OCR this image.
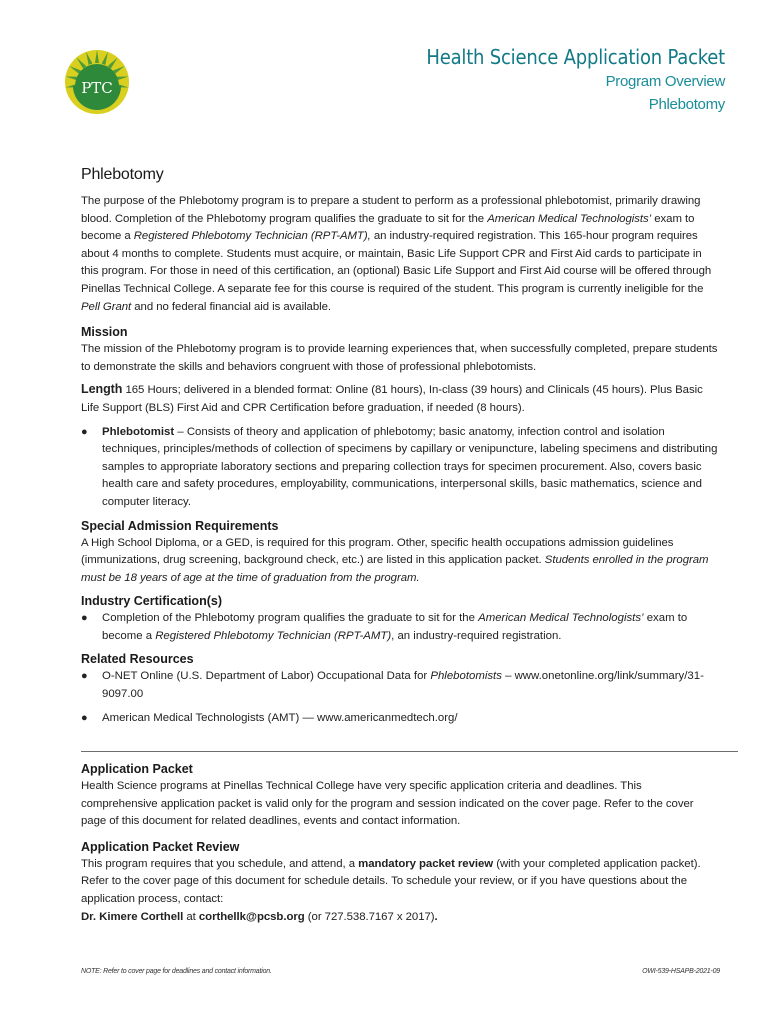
PTC
Health Science Application Packet
Program Overview
Phlebotomy
Phlebotomy

The purpose of the Phlebotomy program is to prepare a student to perform as a professional phlebotomist, primarily drawing blood. Completion of the Phlebotomy program qualifies the graduate to sit for the American Medical Technologists’ exam to become a Registered Phlebotomy Technician (RPT-AMT), an industry-required registration. This 165-hour program requires about 4 months to complete. Students must acquire, or maintain, Basic Life Support CPR and First Aid cards to participate in this program. For those in need of this certification, an (optional) Basic Life Support and First Aid course will be offered through Pinellas Technical College. A separate fee for this course is required of the student. This program is currently ineligible for the Pell Grant and no federal financial aid is available.

Mission

The mission of the Phlebotomy program is to provide learning experiences that, when successfully completed, prepare students to demonstrate the skills and behaviors congruent with those of professional phlebotomists.

Length 165 Hours; delivered in a blended format: Online (81 hours), In-class (39 hours) and Clinicals (45 hours). Plus Basic Life Support (BLS) First Aid and CPR Certification before graduation, if needed (8 hours).

● Phlebotomist – Consists of theory and application of phlebotomy; basic anatomy, infection control and isolation techniques, principles/methods of collection of specimens by capillary or venipuncture, labeling specimens and distributing samples to appropriate laboratory sections and preparing collection trays for specimen procurement. Also, covers basic health care and safety procedures, employability, communications, interpersonal skills, basic mathematics, science and computer literacy.
Special Admission Requirements

A High School Diploma, or a GED, is required for this program. Other, specific health occupations admission guidelines (immunizations, drug screening, background check, etc.) are listed in this application packet. Students enrolled in the program must be 18 years of age at the time of graduation from the program.

Industry Certification(s)
● Completion of the Phlebotomy program qualifies the graduate to sit for the American Medical Technologists’ exam to become a Registered Phlebotomy Technician (RPT-AMT), an industry-required registration.
Related Resources
● O-NET Online (U.S. Department of Labor) Occupational Data for Phlebotomists – www.onetonline.org/link/summary/31-9097.00
● American Medical Technologists (AMT) — www.americanmedtech.org/
Application Packet

Health Science programs at Pinellas Technical College have very specific application criteria and deadlines. This comprehensive application packet is valid only for the program and session indicated on the cover page. Refer to the cover page of this document for related deadlines, events and contact information.

Application Packet Review

This program requires that you schedule, and attend, a mandatory packet review (with your completed application packet). Refer to the cover page of this document for schedule details. To schedule your review, or if you have questions about the application process, contact:
Dr. Kimere Corthell at corthellk@pcsb.org (or 727.538.7167 x 2017).

NOTE: Refer to cover page for deadlines and contact information.	OWI-539-HSAPB-2021-09
